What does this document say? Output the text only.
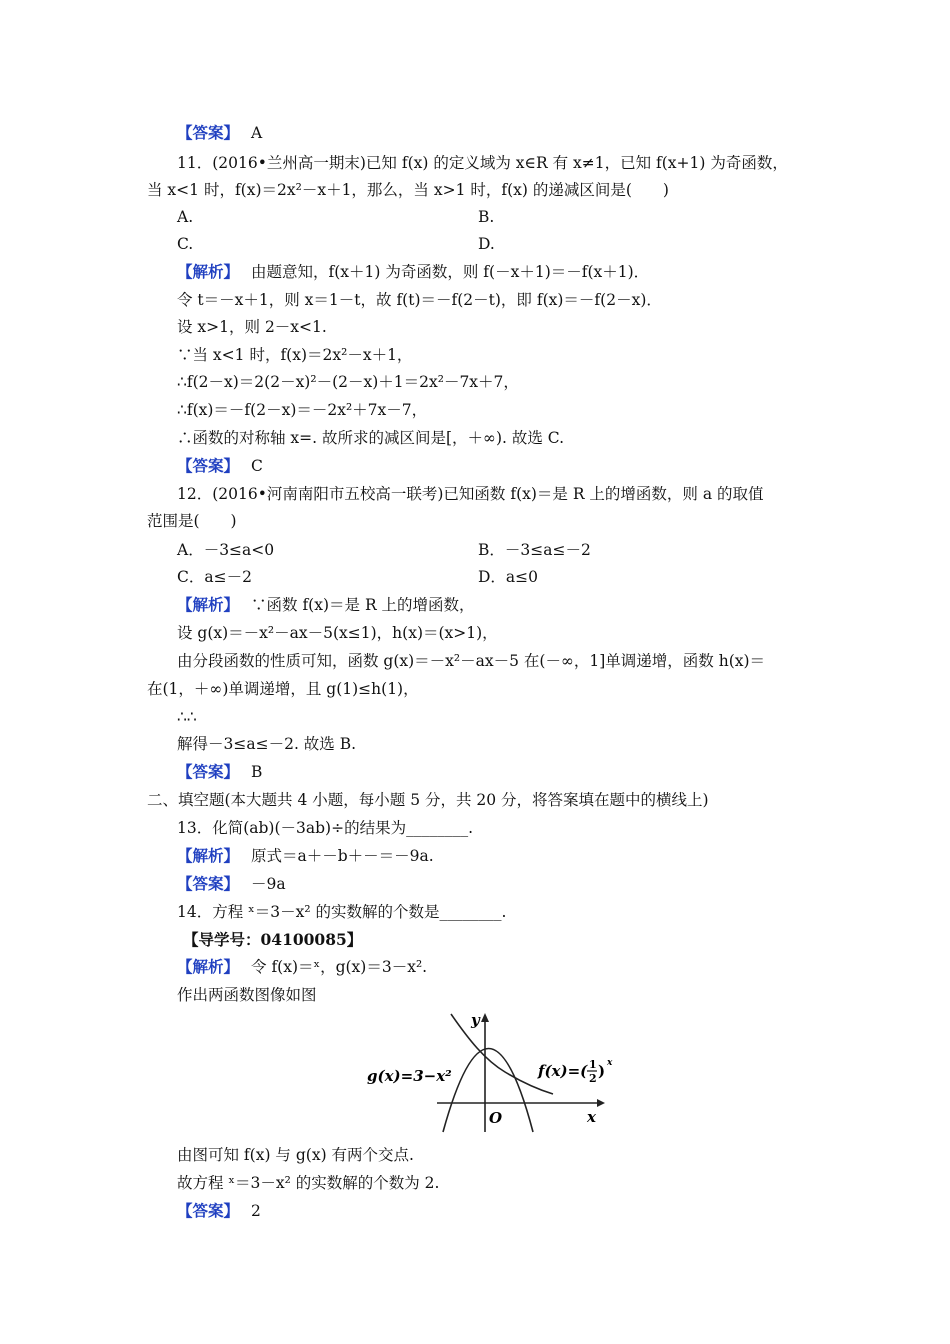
【答案】 A
11．(2016•兰州高一期末)已知 f(x) 的定义域为 x∈R 有 x≠1，已知 f(x+1) 为奇函数，
当 x<1 时，f(x)＝2x²－x＋1，那么，当 x>1 时，f(x) 的递减区间是(　　)
A.	B.
C.	D.
【解析】 由题意知，f(x＋1) 为奇函数，则 f(－x＋1)＝－f(x＋1)．
令 t＝－x＋1，则 x＝1－t，故 f(t)＝－f(2－t)，即 f(x)＝－f(2－x)．
设 x>1，则 2－x<1.
∵当 x<1 时，f(x)＝2x²－x＋1，
∴f(2－x)＝2(2－x)²－(2－x)＋1＝2x²－7x＋7，
∴f(x)＝－f(2－x)＝－2x²＋7x－7，
∴函数的对称轴 x=. 故所求的减区间是[，＋∞). 故选 C.
【答案】 C
12．(2016•河南南阳市五校高一联考)已知函数 f(x)＝是 R 上的增函数，则 a 的取值
范围是(　　)
A．－3≤a<0	B．－3≤a≤－2
C．a≤－2	D．a≤0
【解析】 ∵函数 f(x)＝是 R 上的增函数，
设 g(x)＝－x²－ax－5(x≤1)，h(x)＝(x>1)，
由分段函数的性质可知，函数 g(x)＝－x²－ax－5 在(－∞，1]单调递增，函数 h(x)＝
在(1，＋∞)单调递增，且 g(1)≤h(1)，
∴∴
解得－3≤a≤－2. 故选 B.
【答案】 B
二、填空题(本大题共 4 小题，每小题 5 分，共 20 分，将答案填在题中的横线上)
13．化简(ab)(－3ab)÷的结果为________.
【解析】 原式＝a＋－b＋－＝－9a.
【答案】 －9a
14．方程 ˣ＝3－x² 的实数解的个数是________.
【导学号：04100085】
【解析】 令 f(x)＝ˣ，g(x)＝3－x².
作出两函数图像如图
g(x)=3−x²	f(x)=( 1
2 ) x
y
x
O
由图可知 f(x) 与 g(x) 有两个交点.
故方程 ˣ＝3－x² 的实数解的个数为 2.
【答案】 2
